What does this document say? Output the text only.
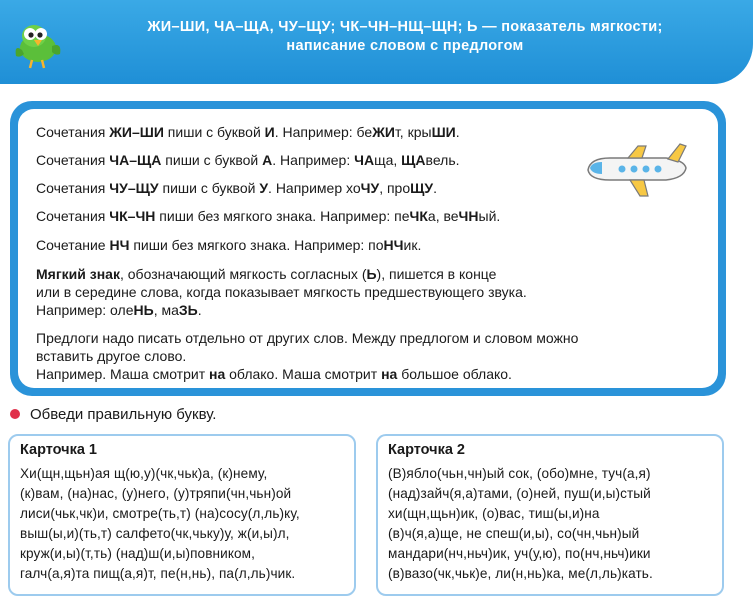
ЖИ–ШИ, ЧА–ЩА, ЧУ–ЩУ; ЧК–ЧН–НЩ–ЩН; Ь — показатель мягкости;
написание словом с предлогом
Сочетания ЖИ–ШИ пиши с буквой И. Например: беЖИт, крыШИ.
Сочетания ЧА–ЩА пиши с буквой А. Например: ЧАща, ЩАвель.
Сочетания ЧУ–ЩУ пиши с буквой У. Например хоЧУ, проЩУ.
Сочетания ЧК–ЧН пиши без мягкого знака. Например: пеЧКа, веЧНый.
Сочетание НЧ пиши без мягкого знака. Например: поНЧик.
Мягкий знак, обозначающий мягкость согласных (Ь), пишется в конце
или в середине слова, когда показывает мягкость предшествующего звука.
Например: олеНЬ, маЗЬ.
Предлоги надо писать отдельно от других слов. Между предлогом и словом можно
вставить другое слово.
Например. Маша смотрит на облако. Маша смотрит на большое облако.
Обведи правильную букву.
Карточка 1
Хи(щн,щьн)ая щ(ю,у)(чк,чьк)а, (к)нему,
(к)вам, (на)нас, (у)него, (у)тряпи(чн,чьн)ой
лиси(чьк,чк)и, смотре(ть,т) (на)сосу(л,ль)ку,
выш(ы,и)(ть,т) салфето(чк,чьку)у, ж(и,ы)л,
круж(и,ы)(т,ть) (над)ш(и,ы)повником,
галч(а,я)та пищ(а,я)т, пе(н,нь), па(л,ль)чик.
Карточка 2
(В)ябло(чьн,чн)ый сок, (обо)мне, туч(а,я)
(над)зайч(я,а)тами, (о)ней, пуш(и,ы)стый
хи(щн,щьн)ик, (о)вас, тиш(ы,и)на
(в)ч(я,а)ще, не спеш(и,ы), со(чн,чьн)ый
мандари(нч,ньч)ик, уч(у,ю), по(нч,ньч)ики
(в)вазо(чк,чьк)е, ли(н,нь)ка, ме(л,ль)кать.
